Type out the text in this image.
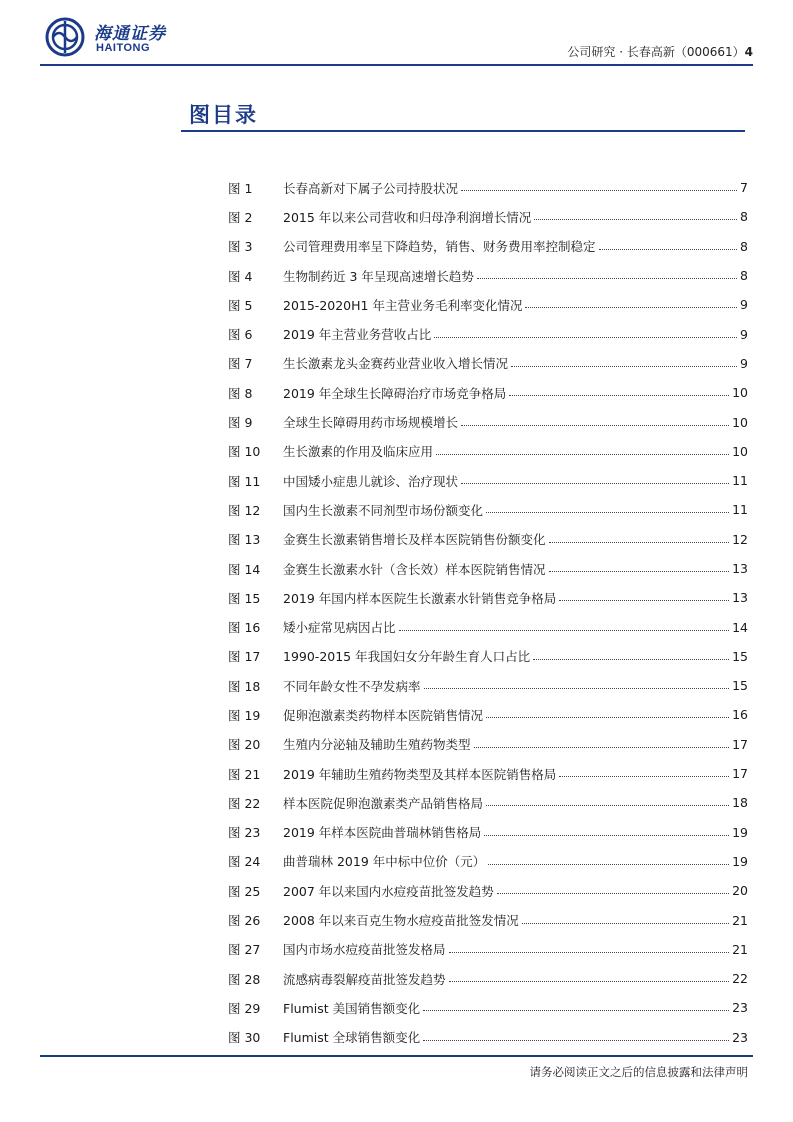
海通证券
HAITONG	公司研究 · 长春高新（000661）4
图目录
图 1	长春高新对下属子公司持股状况	7
图 2	2015 年以来公司营收和归母净利润增长情况	8
图 3	公司管理费用率呈下降趋势，销售、财务费用率控制稳定	8
图 4	生物制药近 3 年呈现高速增长趋势	8
图 5	2015-2020H1 年主营业务毛利率变化情况	9
图 6	2019 年主营业务营收占比	9
图 7	生长激素龙头金赛药业营业收入增长情况	9
图 8	2019 年全球生长障碍治疗市场竞争格局	10
图 9	全球生长障碍用药市场规模增长	10
图 10	生长激素的作用及临床应用	10
图 11	中国矮小症患儿就诊、治疗现状	11
图 12	国内生长激素不同剂型市场份额变化	11
图 13	金赛生长激素销售增长及样本医院销售份额变化	12
图 14	金赛生长激素水针（含长效）样本医院销售情况	13
图 15	2019 年国内样本医院生长激素水针销售竞争格局	13
图 16	矮小症常见病因占比	14
图 17	1990-2015 年我国妇女分年龄生育人口占比	15
图 18	不同年龄女性不孕发病率	15
图 19	促卵泡激素类药物样本医院销售情况	16
图 20	生殖内分泌轴及辅助生殖药物类型	17
图 21	2019 年辅助生殖药物类型及其样本医院销售格局	17
图 22	样本医院促卵泡激素类产品销售格局	18
图 23	2019 年样本医院曲普瑞林销售格局	19
图 24	曲普瑞林 2019 年中标中位价（元）	19
图 25	2007 年以来国内水痘疫苗批签发趋势	20
图 26	2008 年以来百克生物水痘疫苗批签发情况	21
图 27	国内市场水痘疫苗批签发格局	21
图 28	流感病毒裂解疫苗批签发趋势	22
图 29	Flumist 美国销售额变化	23
图 30	Flumist 全球销售额变化	23
请务必阅读正文之后的信息披露和法律声明
